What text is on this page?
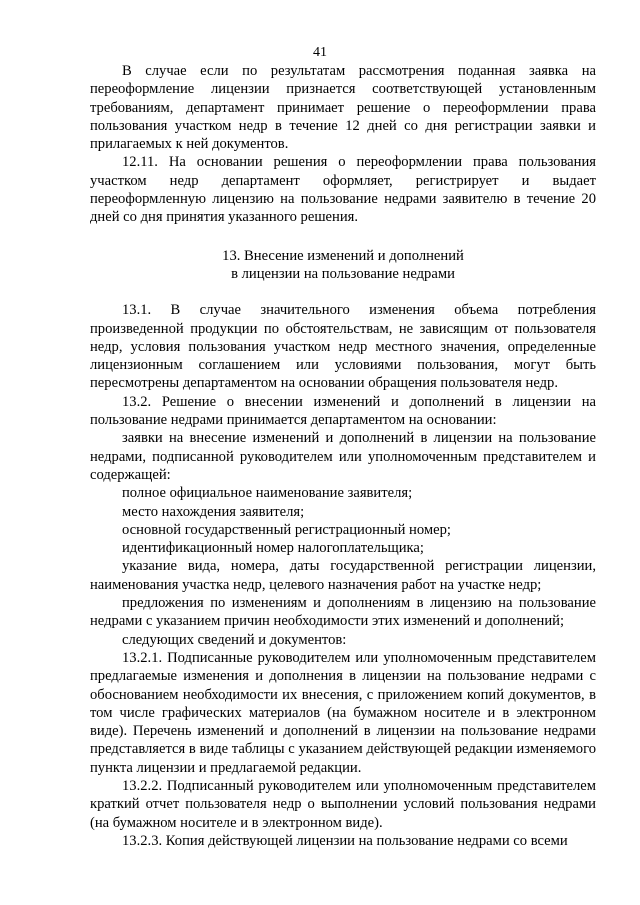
41

В случае если по результатам рассмотрения поданная заявка на переоформление лицензии признается соответствующей установленным требованиям, департамент принимает решение о переоформлении права пользования участком недр в течение 12 дней со дня регистрации заявки и прилагаемых к ней документов.

12.11. На основании решения о переоформлении права пользования участком недр департамент оформляет, регистрирует и выдает переоформленную лицензию на пользование недрами заявителю в течение 20 дней со дня принятия указанного решения.

13. Внесение изменений и дополнений
в лицензии на пользование недрами

13.1. В случае значительного изменения объема потребления произведенной продукции по обстоятельствам, не зависящим от пользователя недр, условия пользования участком недр местного значения, определенные лицензионным соглашением или условиями пользования, могут быть пересмотрены департаментом на основании обращения пользователя недр.

13.2. Решение о внесении изменений и дополнений в лицензии на пользование недрами принимается департаментом на основании:

заявки на внесение изменений и дополнений в лицензии на пользование недрами, подписанной руководителем или уполномоченным представителем и содержащей:

полное официальное наименование заявителя;

место нахождения заявителя;

основной государственный регистрационный номер;

идентификационный номер налогоплательщика;

указание вида, номера, даты государственной регистрации лицензии, наименования участка недр, целевого назначения работ на участке недр;

предложения по изменениям и дополнениям в лицензию на пользование недрами с указанием причин необходимости этих изменений и дополнений;

следующих сведений и документов:

13.2.1. Подписанные руководителем или уполномоченным представителем предлагаемые изменения и дополнения в лицензии на пользование недрами с обоснованием необходимости их внесения, с приложением копий документов, в том числе графических материалов (на бумажном носителе и в электронном виде). Перечень изменений и дополнений в лицензии на пользование недрами представляется в виде таблицы с указанием действующей редакции изменяемого пункта лицензии и предлагаемой редакции.

13.2.2. Подписанный руководителем или уполномоченным представителем краткий отчет пользователя недр о выполнении условий пользования недрами (на бумажном носителе и в электронном виде).

13.2.3. Копия действующей лицензии на пользование недрами со всеми
